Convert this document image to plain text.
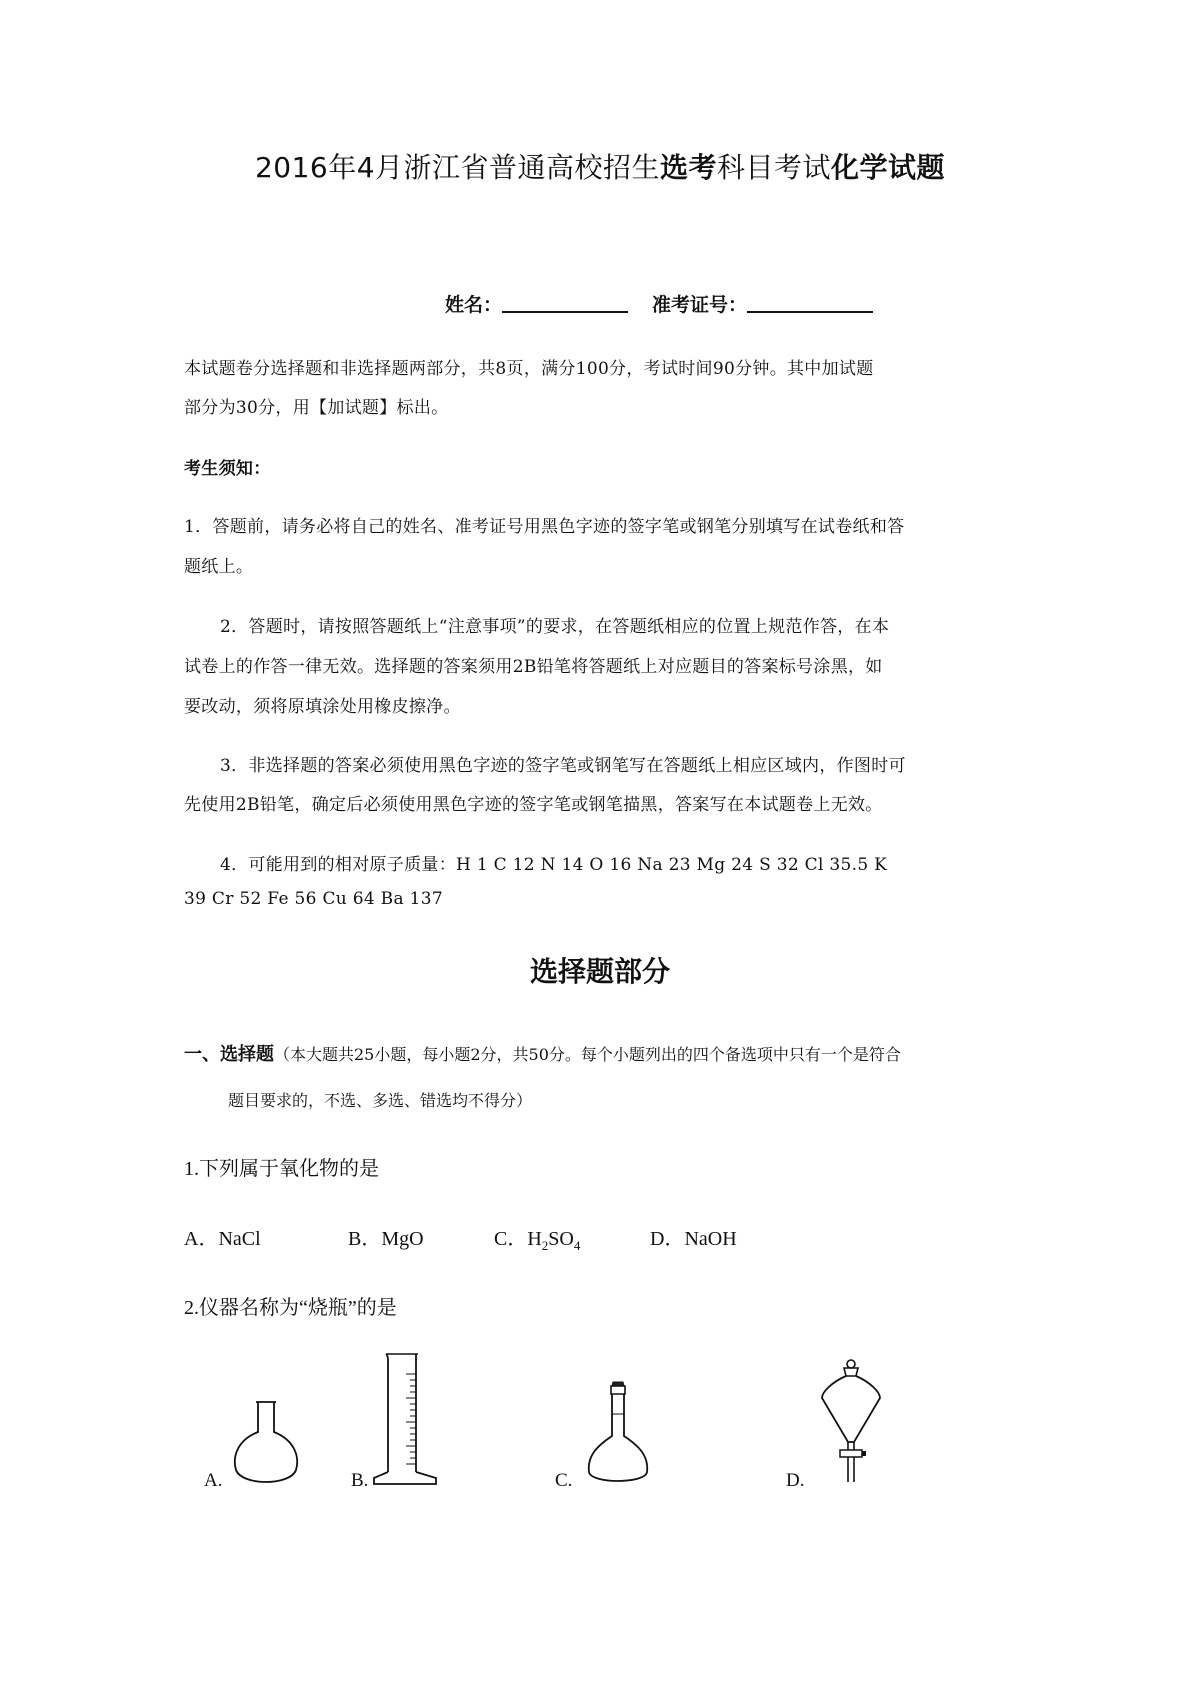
2016年4月浙江省普通高校招生选考科目考试化学试题
姓名：	准考证号：
本试题卷分选择题和非选择题两部分，共8页，满分100分，考试时间90分钟。其中加试题
部分为30分，用【加试题】标出。
考生须知：
1．答题前，请务必将自己的姓名、准考证号用黑色字迹的签字笔或钢笔分别填写在试卷纸和答
题纸上。
2．答题时，请按照答题纸上“注意事项”的要求，在答题纸相应的位置上规范作答，在本
试卷上的作答一律无效。选择题的答案须用2B铅笔将答题纸上对应题目的答案标号涂黑，如
要改动，须将原填涂处用橡皮擦净。
3．非选择题的答案必须使用黑色字迹的签字笔或钢笔写在答题纸上相应区域内，作图时可
先使用2B铅笔，确定后必须使用黑色字迹的签字笔或钢笔描黑，答案写在本试题卷上无效。
4．可能用到的相对原子质量：H 1 C 12 N 14 O 16 Na 23 Mg 24 S 32 Cl 35.5 K
39 Cr 52 Fe 56 Cu 64 Ba 137
选择题部分
一、选择题（本大题共25小题，每小题2分，共50分。每个小题列出的四个备选项中只有一个是符合
题目要求的，不选、多选、错选均不得分）
1.下列属于氧化物的是
A．NaCl	B．MgO	C．$H_2SO_4$	D．NaOH
2.仪器名称为“烧瓶”的是
A.	B.	C.	D.
